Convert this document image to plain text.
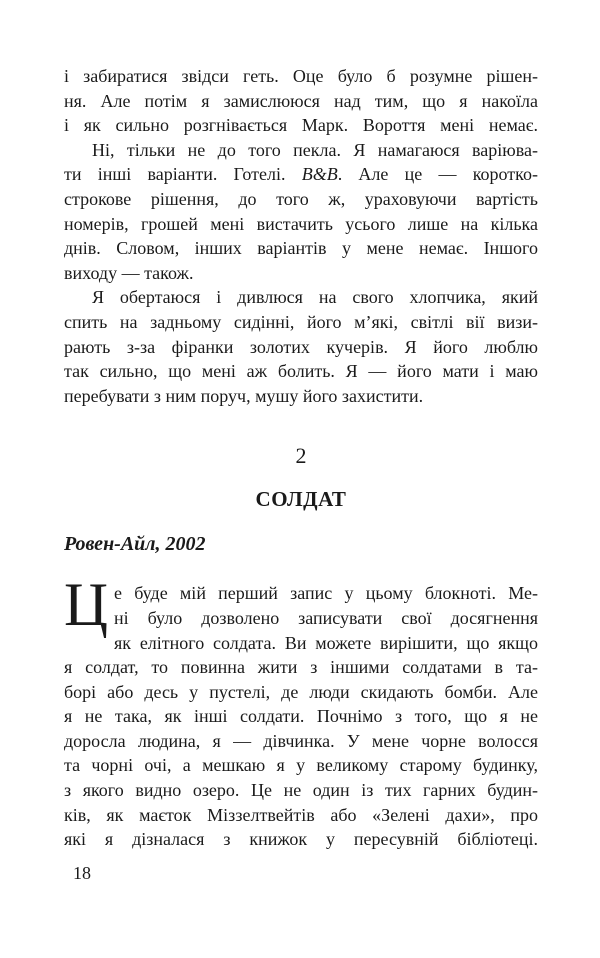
і забиратися звідси геть. Оце було б розумне рішен-
ня. Але потім я замислююся над тим, що я накоїла
і як сильно розгнівається Марк. Вороття мені немає.
Ні, тільки не до того пекла. Я намагаюся варіюва-
ти інші варіанти. Готелі. B&B. Але це — коротко-
строкове рішення, до того ж, ураховуючи вартість
номерів, грошей мені вистачить усього лише на кілька
днів. Словом, інших варіантів у мене немає. Іншого
виходу — також.
Я обертаюся і дивлюся на свого хлопчика, який
спить на задньому сидінні, його м’які, світлі вії визи-
рають з-за фіранки золотих кучерів. Я його люблю
так сильно, що мені аж болить. Я — його мати і маю
перебувати з ним поруч, мушу його захистити.
2
СОЛДАТ
Ровен-Айл, 2002
Ц е буде мій перший запис у цьому блокноті. Ме-
ні було дозволено записувати свої досягнення
як елітного солдата. Ви можете вирішити, що якщо
я солдат, то повинна жити з іншими солдатами в та-
борі або десь у пустелі, де люди скидають бомби. Але
я не така, як інші солдати. Почнімо з того, що я не
доросла людина, я — дівчинка. У мене чорне волосся
та чорні очі, а мешкаю я у великому старому будинку,
з якого видно озеро. Це не один із тих гарних будин-
ків, як маєток Міззелтвейтів або «Зелені дахи», про
які я дізналася з книжок у пересувній бібліотеці.
18
